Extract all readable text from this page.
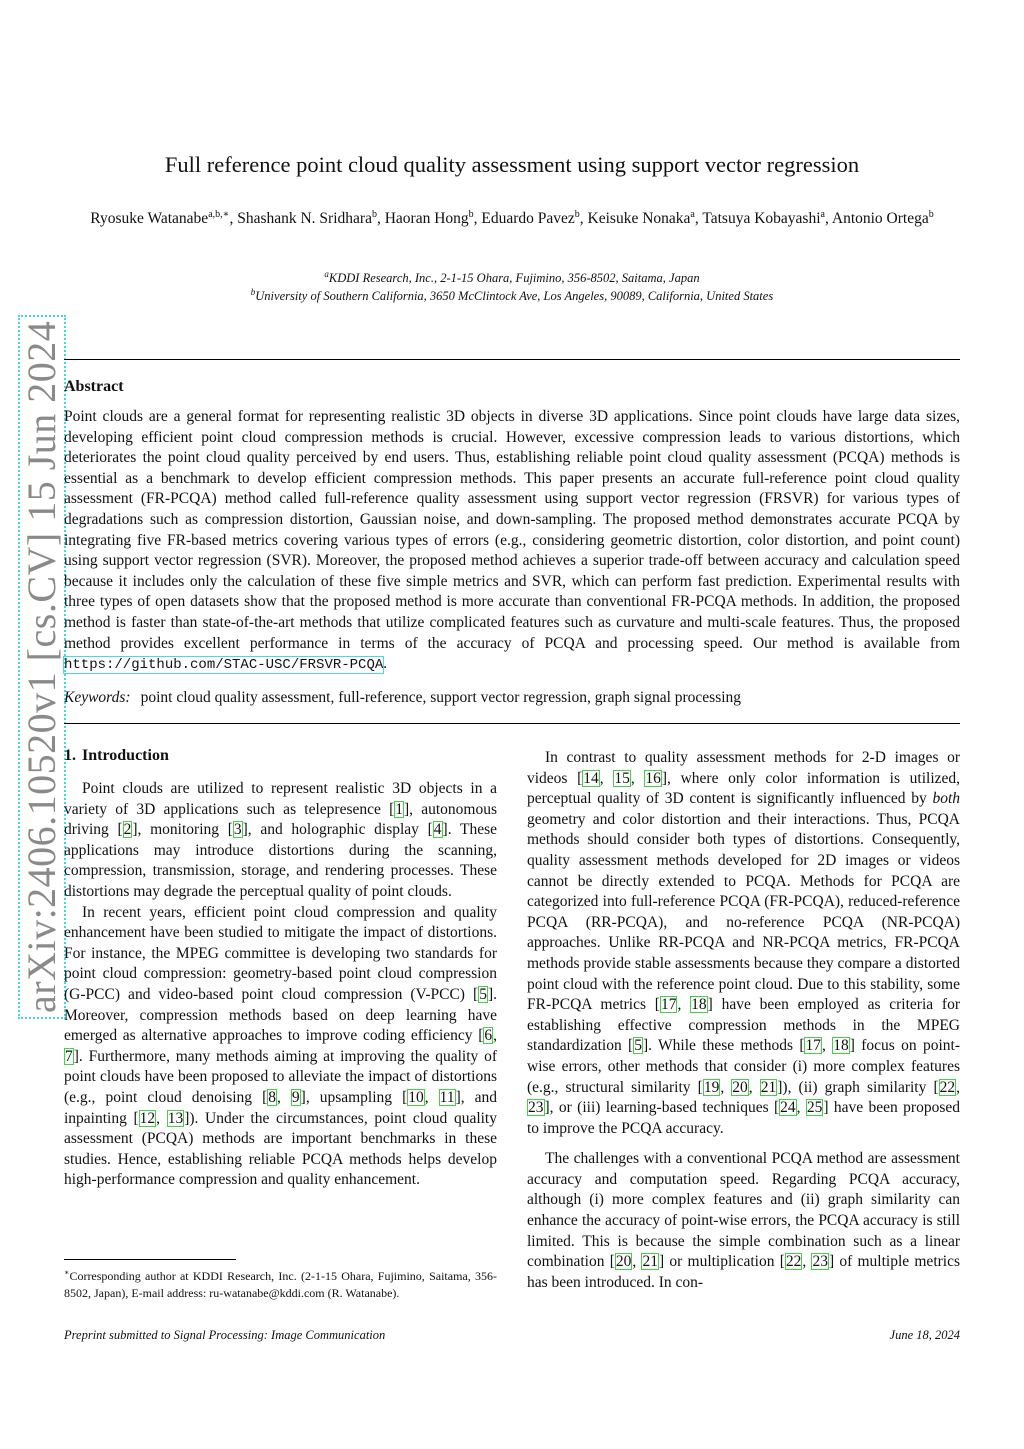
arXiv:2406.10520v1 [cs.CV] 15 Jun 2024
Full reference point cloud quality assessment using support vector regression
Ryosuke Watanabe$^{a,b,∗}$, Shashank N. Sridhara$^b$, Haoran Hong$^b$, Eduardo Pavez$^b$, Keisuke Nonaka$^a$, Tatsuya Kobayashi$^a$, Antonio Ortega$^b$
$^a$KDDI Research, Inc., 2-1-15 Ohara, Fujimino, 356-8502, Saitama, Japan
$^b$University of Southern California, 3650 McClintock Ave, Los Angeles, 90089, California, United States
Abstract
Point clouds are a general format for representing realistic 3D objects in diverse 3D applications. Since point clouds have large data sizes, developing efficient point cloud compression methods is crucial. However, excessive compression leads to various distortions, which deteriorates the point cloud quality perceived by end users. Thus, establishing reliable point cloud quality assessment (PCQA) methods is essential as a benchmark to develop efficient compression methods. This paper presents an accurate full-reference point cloud quality assessment (FR-PCQA) method called full-reference quality assessment using support vector regression (FRSVR) for various types of degradations such as compression distortion, Gaussian noise, and down-sampling. The proposed method demonstrates accurate PCQA by integrating five FR-based metrics covering various types of errors (e.g., considering geometric distortion, color distortion, and point count) using support vector regression (SVR). Moreover, the proposed method achieves a superior trade-off between accuracy and calculation speed because it includes only the calculation of these five simple metrics and SVR, which can perform fast prediction. Experimental results with three types of open datasets show that the proposed method is more accurate than conventional FR-PCQA methods. In addition, the proposed method is faster than state-of-the-art methods that utilize complicated features such as curvature and multi-scale features. Thus, the proposed method provides excellent performance in terms of the accuracy of PCQA and processing speed. Our method is available from https://github.com/STAC-USC/FRSVR-PCQA.
Keywords: point cloud quality assessment, full-reference, support vector regression, graph signal processing
1. Introduction

Point clouds are utilized to represent realistic 3D objects in a variety of 3D applications such as telepresence [1], autonomous driving [2], monitoring [3], and holographic display [4]. These applications may introduce distortions during the scanning, compression, transmission, storage, and rendering processes. These distortions may degrade the perceptual quality of point clouds.

In recent years, efficient point cloud compression and quality enhancement have been studied to mitigate the impact of distortions. For instance, the MPEG committee is developing two standards for point cloud compression: geometry-based point cloud compression (G-PCC) and video-based point cloud compression (V-PCC) [5]. Moreover, compression methods based on deep learning have emerged as alternative approaches to improve coding efficiency [6, 7]. Furthermore, many methods aiming at improving the quality of point clouds have been proposed to alleviate the impact of distortions (e.g., point cloud denoising [8, 9], upsampling [10, 11], and inpainting [12, 13]). Under the circumstances, point cloud quality assessment (PCQA) methods are important benchmarks in these studies. Hence, establishing reliable PCQA methods helps develop high-performance compression and quality enhancement.

In contrast to quality assessment methods for 2-D images or videos [14, 15, 16], where only color information is utilized, perceptual quality of 3D content is significantly influenced by both geometry and color distortion and their interactions. Thus, PCQA methods should consider both types of distortions. Consequently, quality assessment methods developed for 2D images or videos cannot be directly extended to PCQA. Methods for PCQA are categorized into full-reference PCQA (FR-PCQA), reduced-reference PCQA (RR-PCQA), and no-reference PCQA (NR-PCQA) approaches. Unlike RR-PCQA and NR-PCQA metrics, FR-PCQA methods provide stable assessments because they compare a distorted point cloud with the reference point cloud. Due to this stability, some FR-PCQA metrics [17, 18] have been employed as criteria for establishing effective compression methods in the MPEG standardization [5]. While these methods [17, 18] focus on point-wise errors, other methods that consider (i) more complex features (e.g., structural similarity [19, 20, 21]), (ii) graph similarity [22, 23], or (iii) learning-based techniques [24, 25] have been proposed to improve the PCQA accuracy.

The challenges with a conventional PCQA method are assessment accuracy and computation speed. Regarding PCQA accuracy, although (i) more complex features and (ii) graph similarity can enhance the accuracy of point-wise errors, the PCQA accuracy is still limited. This is because the simple combination such as a linear combination [20, 21] or multiplication [22, 23] of multiple metrics has been introduced. In con-

∗Corresponding author at KDDI Research, Inc. (2-1-15 Ohara, Fujimino, Saitama, 356-8502, Japan), E-mail address: ru-watanabe@kddi.com (R. Watanabe).
Preprint submitted to Signal Processing: Image Communication	June 18, 2024
